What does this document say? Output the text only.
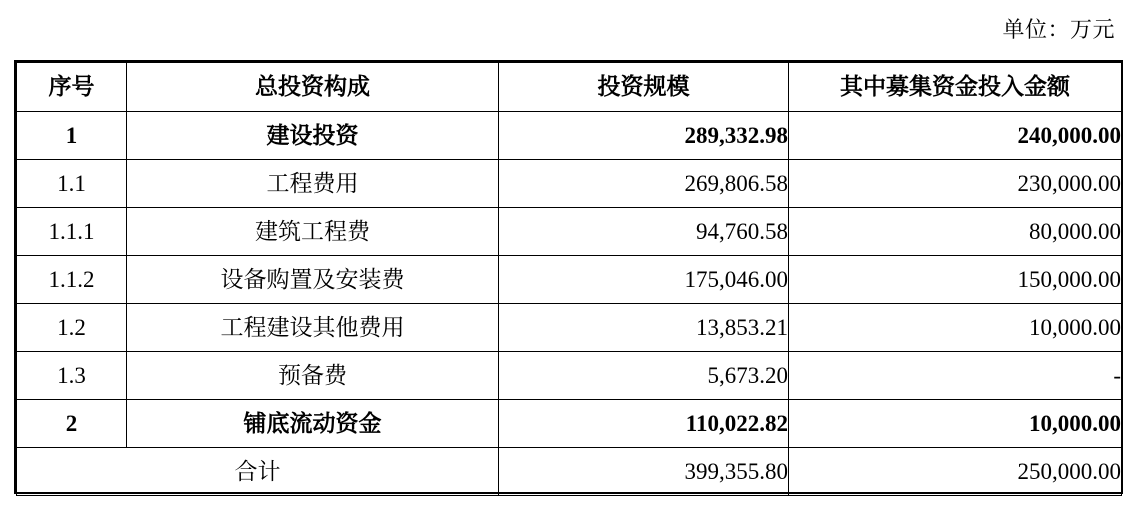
单位：万元
序号	总投资构成	投资规模	其中募集资金投入金额
1	建设投资	289,332.98	240,000.00
1.1	工程费用	269,806.58	230,000.00
1.1.1	建筑工程费	94,760.58	80,000.00
1.1.2	设备购置及安装费	175,046.00	150,000.00
1.2	工程建设其他费用	13,853.21	10,000.00
1.3	预备费	5,673.20	-
2	铺底流动资金	110,022.82	10,000.00
合计		399,355.80	250,000.00
